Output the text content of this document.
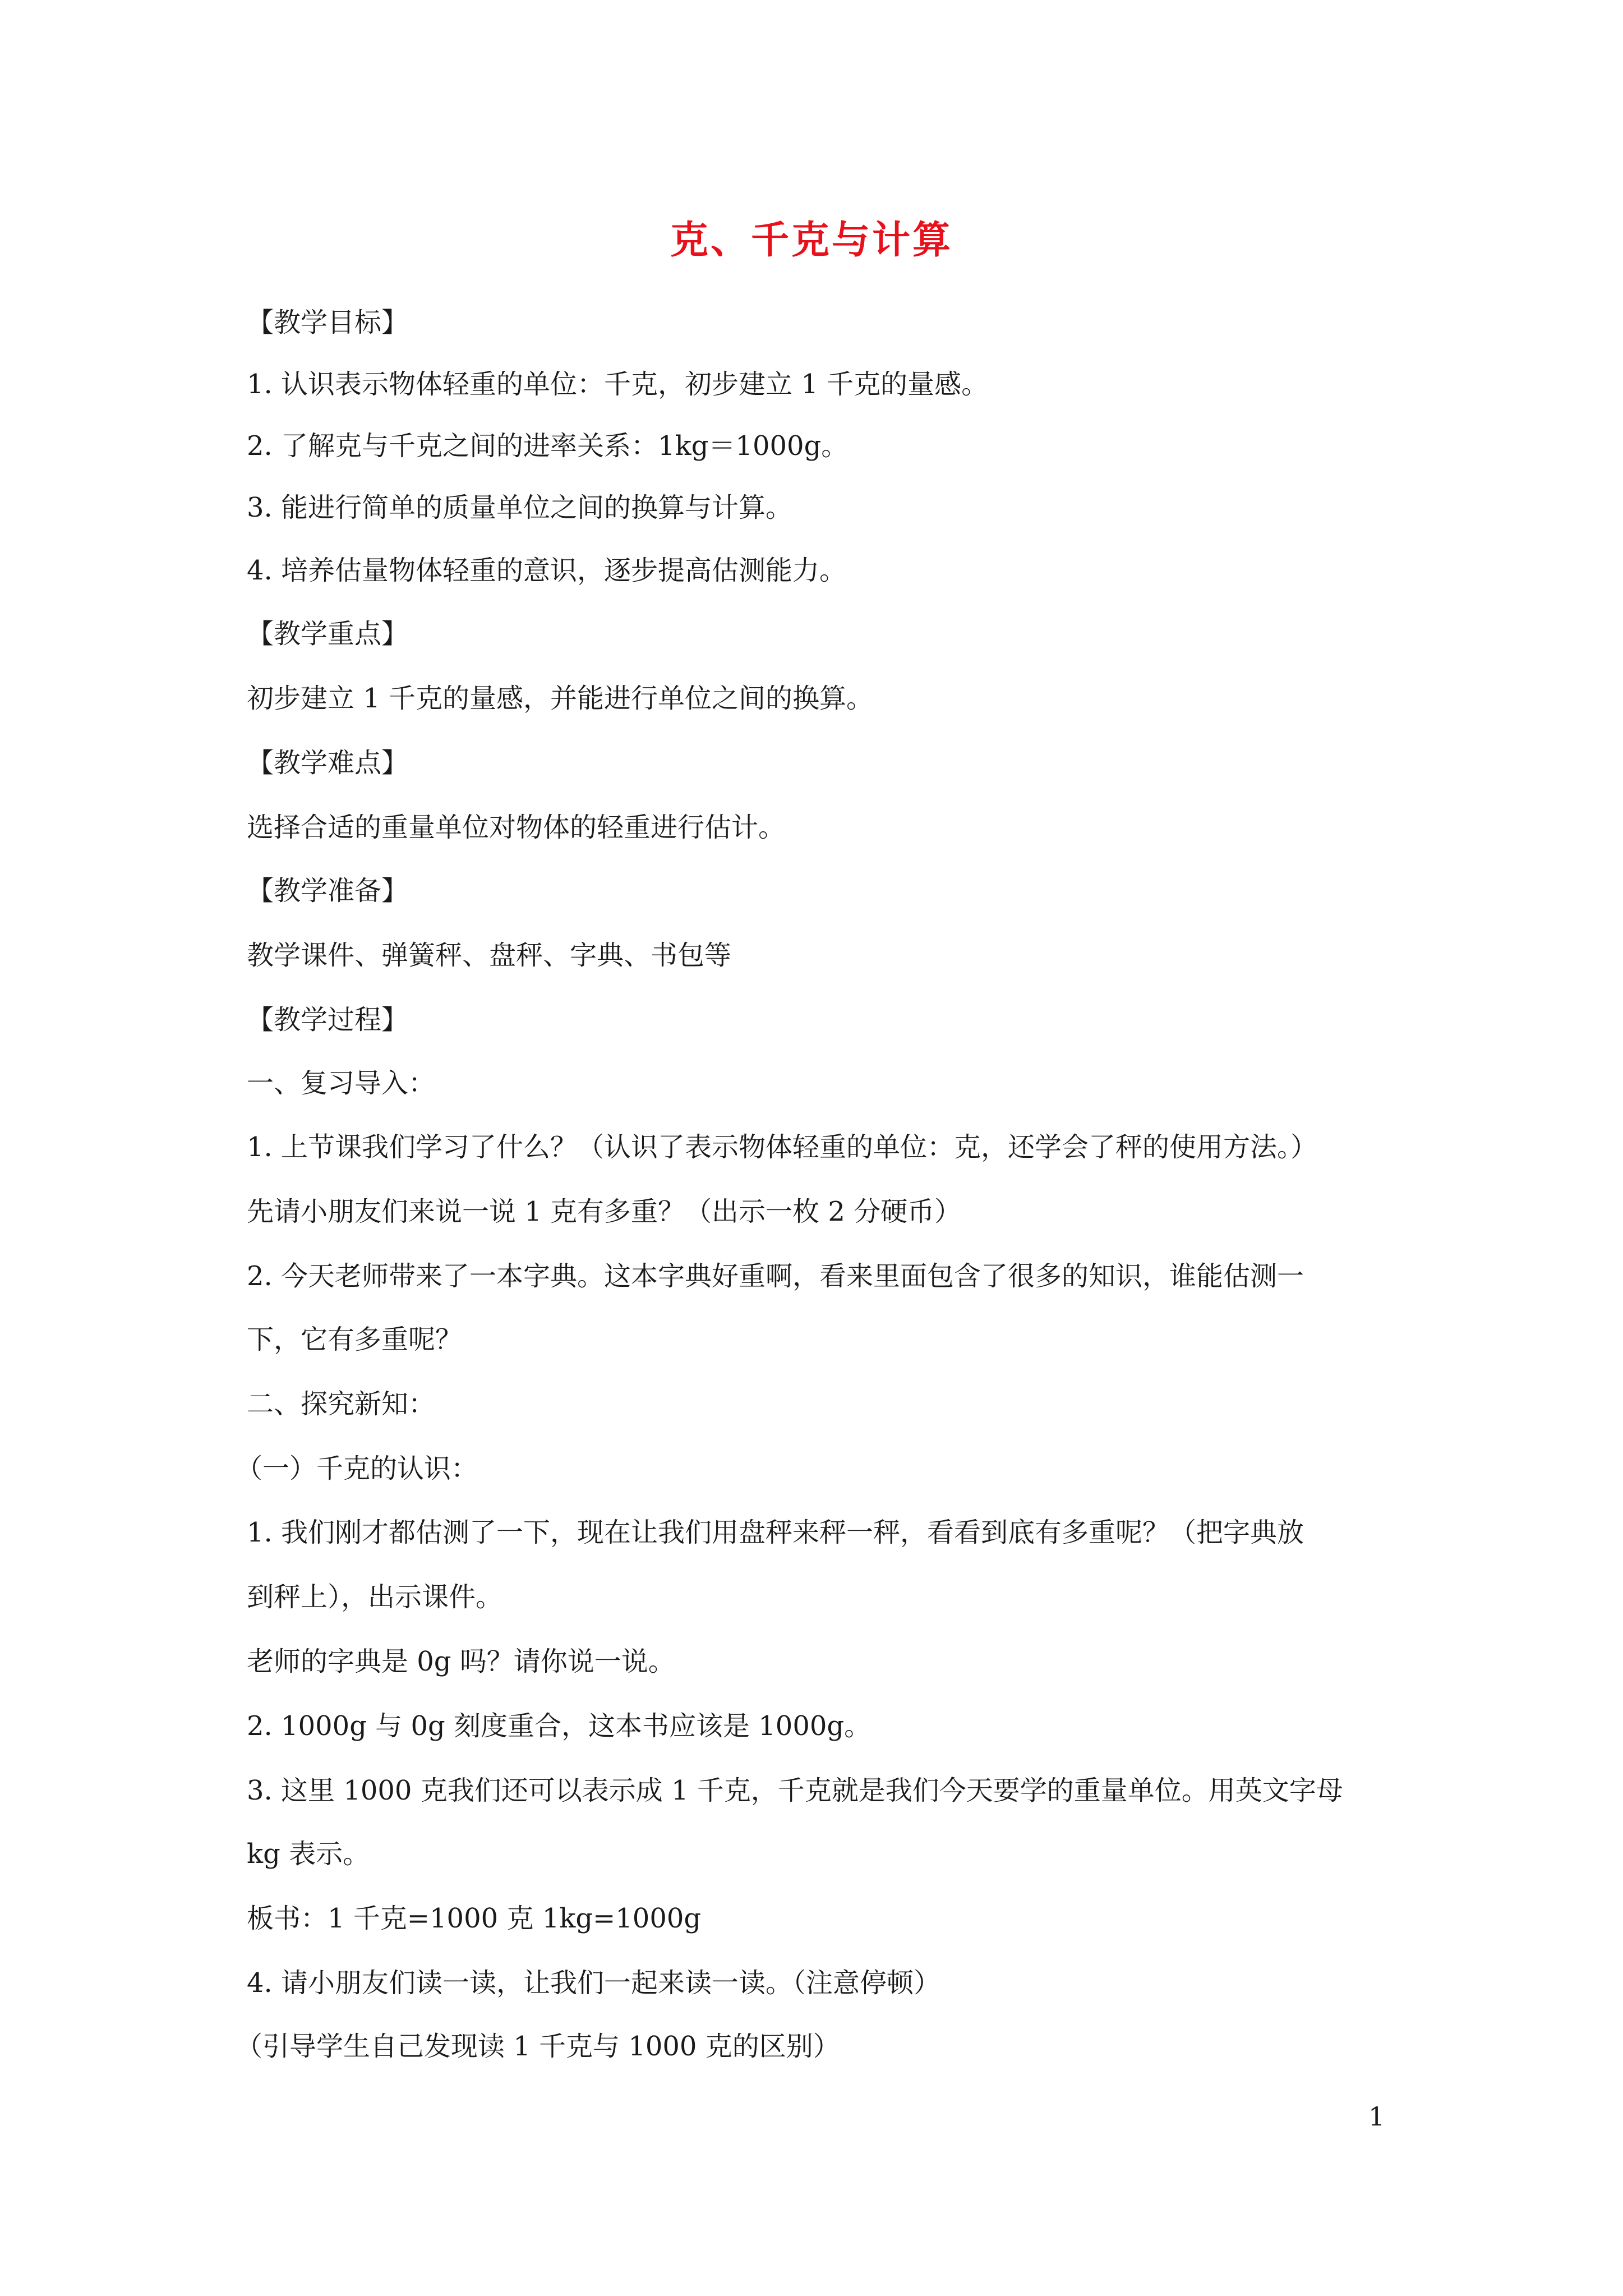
克、千克与计算
【教学目标】
1. 认识表示物体轻重的单位：千克，初步建立 1 千克的量感。
2. 了解克与千克之间的进率关系：1kg＝1000g。
3. 能进行简单的质量单位之间的换算与计算。
4. 培养估量物体轻重的意识，逐步提高估测能力。
【教学重点】
初步建立 1 千克的量感，并能进行单位之间的换算。
【教学难点】
选择合适的重量单位对物体的轻重进行估计。
【教学准备】
教学课件、弹簧秤、盘秤、字典、书包等
【教学过程】
一、复习导入：
1. 上节课我们学习了什么？（认识了表示物体轻重的单位：克，还学会了秤的使用方法。）
先请小朋友们来说一说 1 克有多重？（出示一枚 2 分硬币）
2. 今天老师带来了一本字典。这本字典好重啊，看来里面包含了很多的知识，谁能估测一
下，它有多重呢？
二、探究新知：
（一）千克的认识：
1. 我们刚才都估测了一下，现在让我们用盘秤来秤一秤，看看到底有多重呢？（把字典放
到秤上），出示课件。
老师的字典是 0g 吗？请你说一说。
2. 1000g 与 0g 刻度重合，这本书应该是 1000g。
3. 这里 1000 克我们还可以表示成 1 千克，千克就是我们今天要学的重量单位。用英文字母
kg 表示。
板书：1 千克=1000 克 1kg=1000g
4. 请小朋友们读一读，让我们一起来读一读。（注意停顿）
（引导学生自己发现读 1 千克与 1000 克的区别）
1
